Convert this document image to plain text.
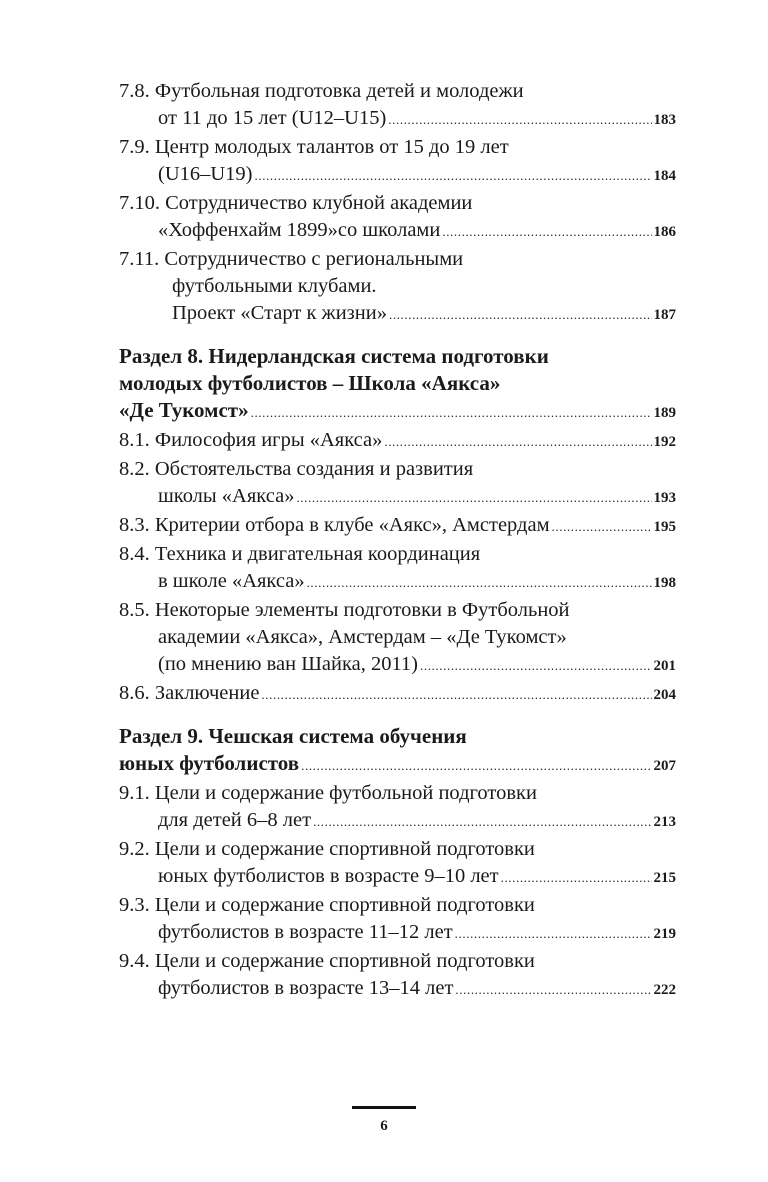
7.8. Футбольная подготовка детей и молодежи
от 11 до 15 лет (U12–U15) .....	183
7.9. Центр молодых талантов от 15 до 19 лет
(U16–U19) .....	184
7.10. Сотрудничество клубной академии
«Хоффенхайм 1899»со школами .....	186
7.11. Сотрудничество с региональными
футбольными клубами.
Проект «Старт к жизни» .....	187
Раздел 8. Нидерландская система подготовки
молодых футболистов – Школа «Аякса»
«Де Тукомст» .....	189
8.1. Философия игры «Аякса» .....	192
8.2. Обстоятельства создания и развития
школы «Аякса» .....	193
8.3. Критерии отбора в клубе «Аякс», Амстердам .....	195
8.4. Техника и двигательная координация
в школе «Аякса» .....	198
8.5. Некоторые элементы подготовки в Футбольной
академии «Аякса», Амстердам – «Де Тукомст»
(по мнению ван Шайка, 2011) .....	201
8.6. Заключение .....	204
Раздел 9. Чешская система обучения
юных футболистов .....	207
9.1. Цели и содержание футбольной подготовки
для детей 6–8 лет .....	213
9.2. Цели и содержание спортивной подготовки
юных футболистов в возрасте 9–10 лет .....	215
9.3. Цели и содержание спортивной подготовки
футболистов в возрасте 11–12 лет .....	219
9.4. Цели и содержание спортивной подготовки
футболистов в возрасте 13–14 лет .....	222
6
